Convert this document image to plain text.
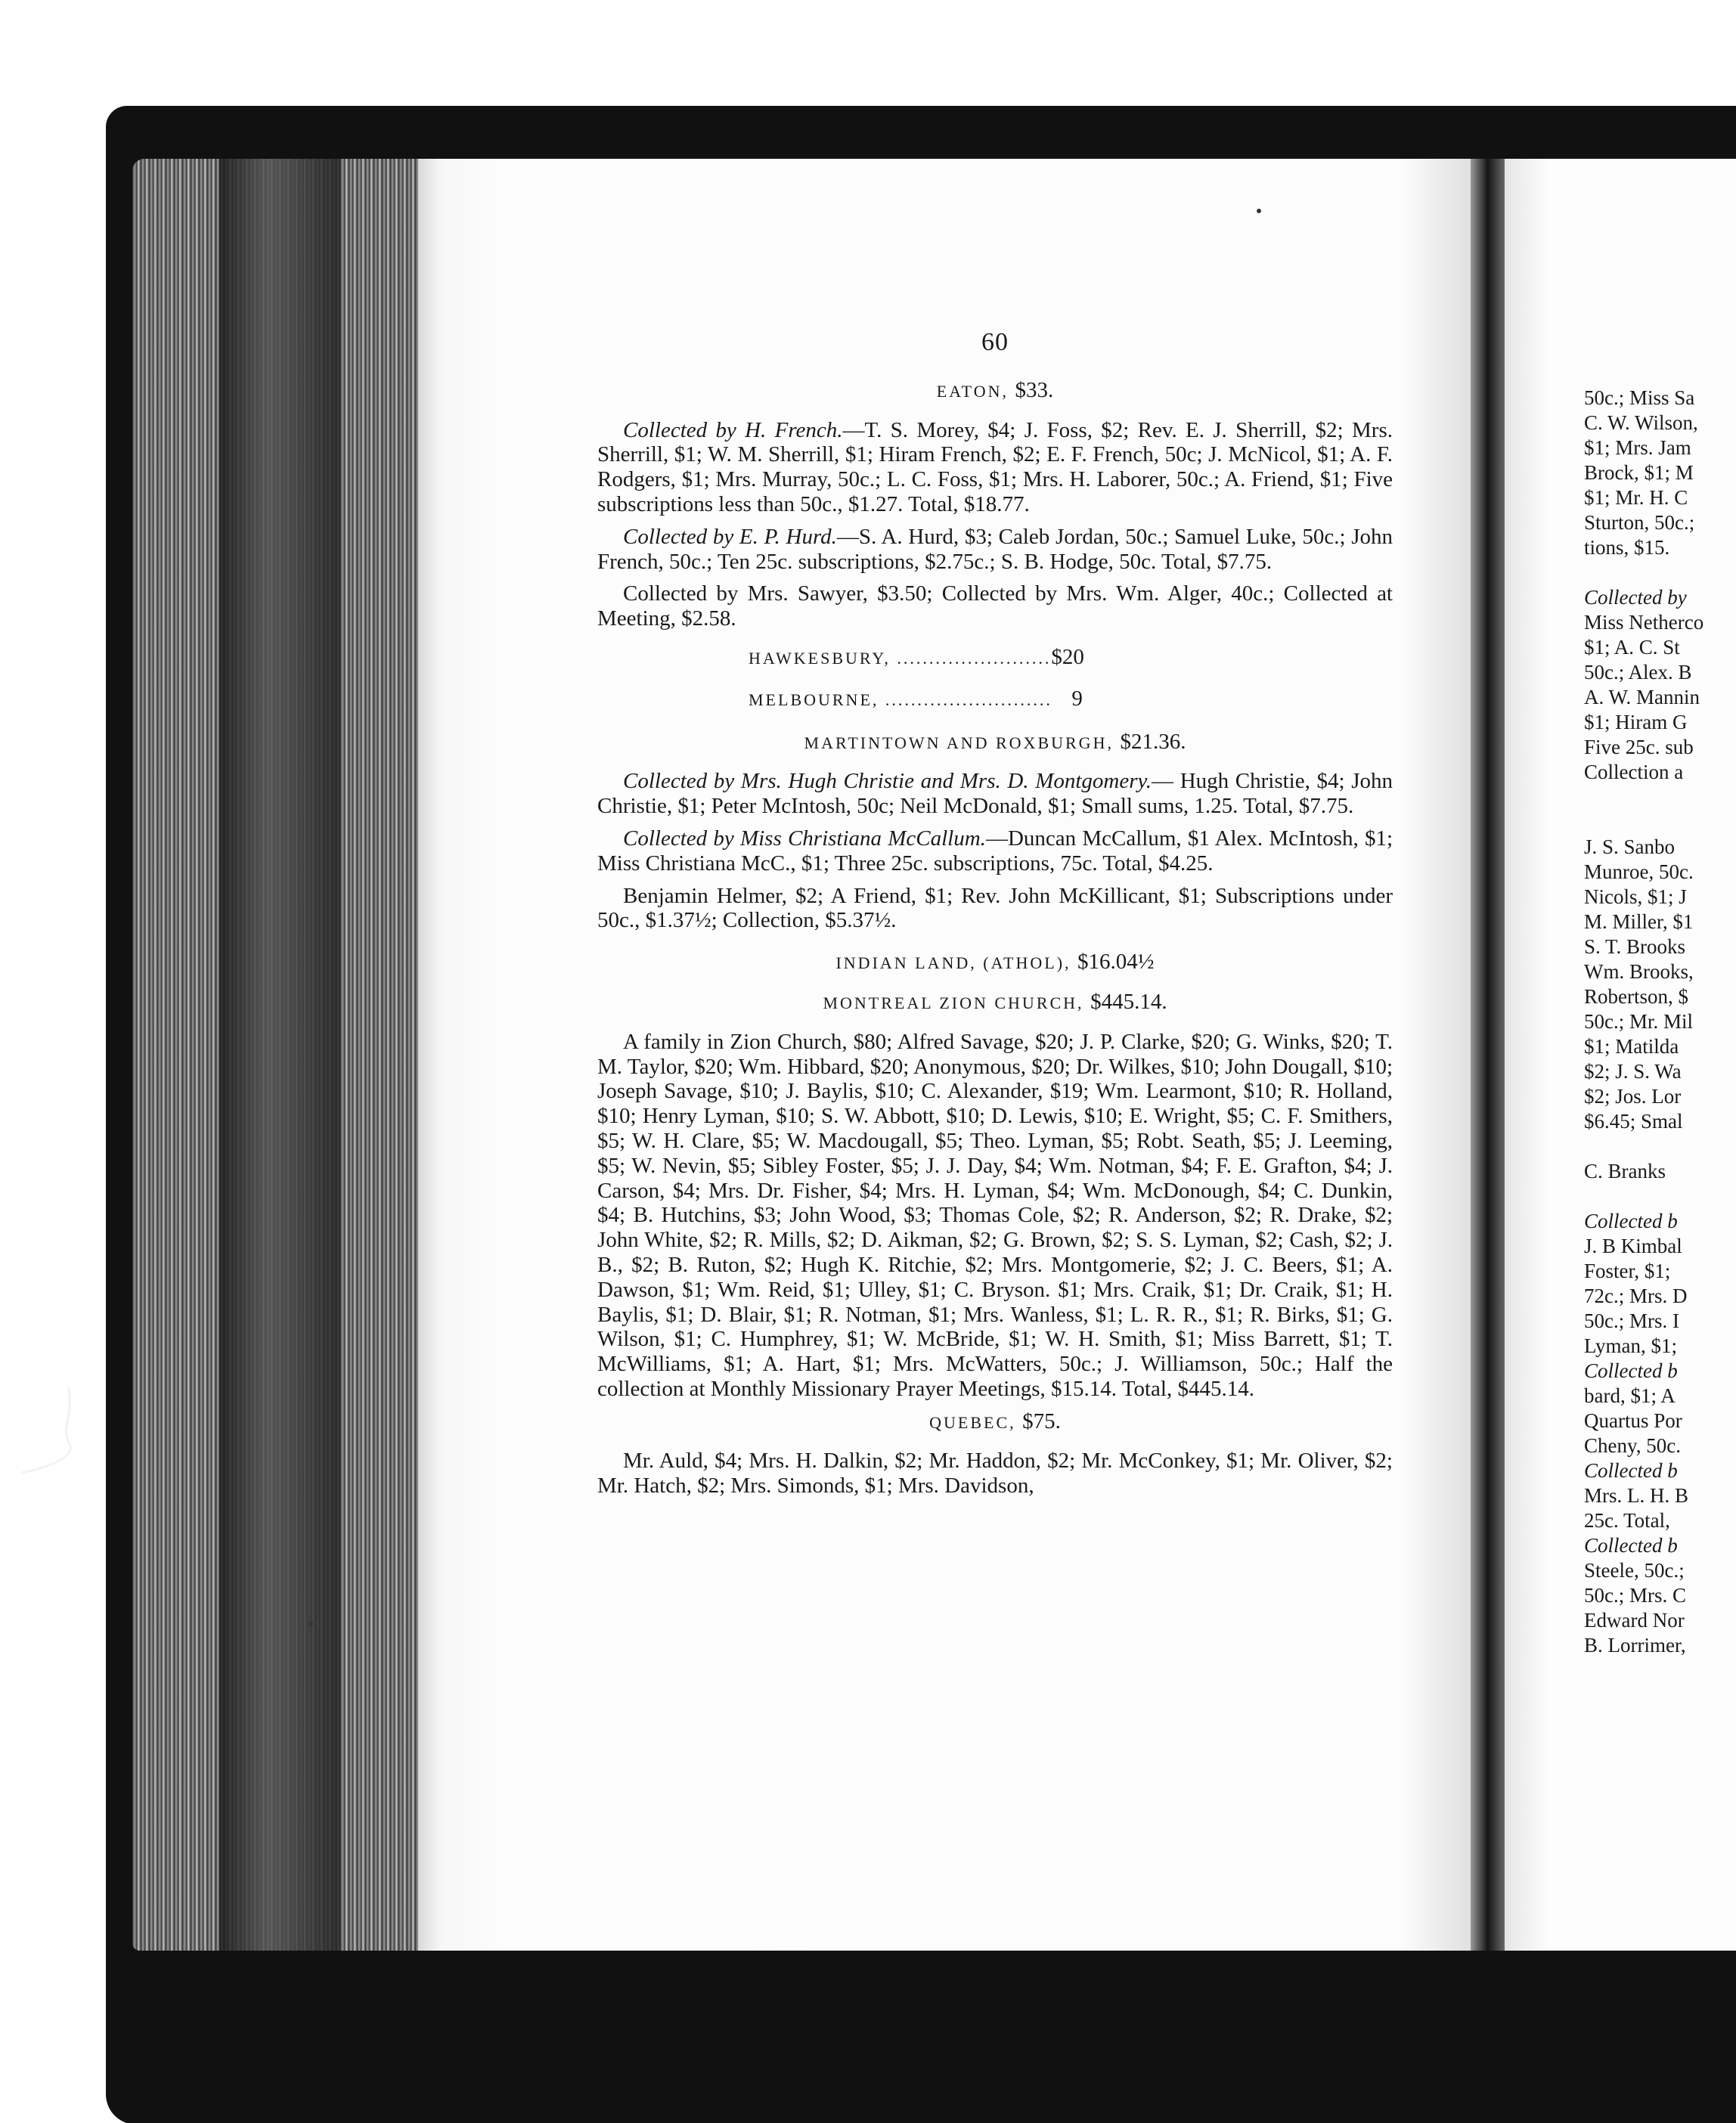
50c.; Miss Sa
C. W. Wilson,
$1; Mrs. Jam
Brock, $1; M
$1; Mr. H. C
Sturton, 50c.;
tions, $15.
Collected by
Miss Netherco
$1; A. C. St
50c.; Alex. B
A. W. Mannin
$1; Hiram G
Five 25c. sub
Collection a
J. S. Sanbo
Munroe, 50c.
Nicols, $1; J
M. Miller, $1
S. T. Brooks
Wm. Brooks,
Robertson, $
50c.; Mr. Mil
$1; Matilda
$2; J. S. Wa
$2; Jos. Lor
$6.45; Smal
C. Branks
Collected b
J. B Kimbal
Foster, $1;
72c.; Mrs. D
50c.; Mrs. I
Lyman, $1;
Collected b
bard, $1; A
Quartus Por
Cheny, 50c.
Collected b
Mrs. L. H. B
25c. Total,
Collected b
Steele, 50c.;
50c.; Mrs. C
Edward Nor
B. Lorrimer,
60
EATON, $33.

Collected by H. French.—T. S. Morey, $4; J. Foss, $2; Rev. E. J. Sherrill, $2; Mrs. Sherrill, $1; W. M. Sherrill, $1; Hiram French, $2; E. F. French, 50c; J. McNicol, $1; A. F. Rodgers, $1; Mrs. Murray, 50c.; L. C. Foss, $1; Mrs. H. Laborer, 50c.; A. Friend, $1; Five subscriptions less than 50c., $1.27. Total, $18.77.

Collected by E. P. Hurd.—S. A. Hurd, $3; Caleb Jordan, 50c.; Samuel Luke, 50c.; John French, 50c.; Ten 25c. subscriptions, $2.75c.; S. B. Hodge, 50c. Total, $7.75.

Collected by Mrs. Sawyer, $3.50; Collected by Mrs. Wm. Alger, 40c.; Collected at Meeting, $2.58.

HAWKESBURY, ........................$20
MELBOURNE, .......................... 9
MARTINTOWN AND ROXBURGH, $21.36.

Collected by Mrs. Hugh Christie and Mrs. D. Montgomery.— Hugh Christie, $4; John Christie, $1; Peter McIntosh, 50c; Neil McDonald, $1; Small sums, 1.25. Total, $7.75.

Collected by Miss Christiana McCallum.—Duncan McCallum, $1 Alex. McIntosh, $1; Miss Christiana McC., $1; Three 25c. subscriptions, 75c. Total, $4.25.

Benjamin Helmer, $2; A Friend, $1; Rev. John McKillicant, $1; Subscriptions under 50c., $1.37½; Collection, $5.37½.

INDIAN LAND, (ATHOL), $16.04½
MONTREAL ZION CHURCH, $445.14.

A family in Zion Church, $80; Alfred Savage, $20; J. P. Clarke, $20; G. Winks, $20; T. M. Taylor, $20; Wm. Hibbard, $20; Anonymous, $20; Dr. Wilkes, $10; John Dougall, $10; Joseph Savage, $10; J. Baylis, $10; C. Alexander, $19; Wm. Learmont, $10; R. Holland, $10; Henry Lyman, $10; S. W. Abbott, $10; D. Lewis, $10; E. Wright, $5; C. F. Smithers, $5; W. H. Clare, $5; W. Macdougall, $5; Theo. Lyman, $5; Robt. Seath, $5; J. Leeming, $5; W. Nevin, $5; Sibley Foster, $5; J. J. Day, $4; Wm. Notman, $4; F. E. Grafton, $4; J. Carson, $4; Mrs. Dr. Fisher, $4; Mrs. H. Lyman, $4; Wm. McDonough, $4; C. Dunkin, $4; B. Hutchins, $3; John Wood, $3; Thomas Cole, $2; R. Anderson, $2; R. Drake, $2; John White, $2; R. Mills, $2; D. Aikman, $2; G. Brown, $2; S. S. Lyman, $2; Cash, $2; J. B., $2; B. Ruton, $2; Hugh K. Ritchie, $2; Mrs. Montgomerie, $2; J. C. Beers, $1; A. Dawson, $1; Wm. Reid, $1; Ulley, $1; C. Bryson. $1; Mrs. Craik, $1; Dr. Craik, $1; H. Baylis, $1; D. Blair, $1; R. Notman, $1; Mrs. Wanless, $1; L. R. R., $1; R. Birks, $1; G. Wilson, $1; C. Humphrey, $1; W. McBride, $1; W. H. Smith, $1; Miss Barrett, $1; T. McWilliams, $1; A. Hart, $1; Mrs. McWatters, 50c.; J. Williamson, 50c.; Half the collection at Monthly Missionary Prayer Meetings, $15.14. Total, $445.14.

QUEBEC, $75.

Mr. Auld, $4; Mrs. H. Dalkin, $2; Mr. Haddon, $2; Mr. McConkey, $1; Mr. Oliver, $2; Mr. Hatch, $2; Mrs. Simonds, $1; Mrs. Davidson,
